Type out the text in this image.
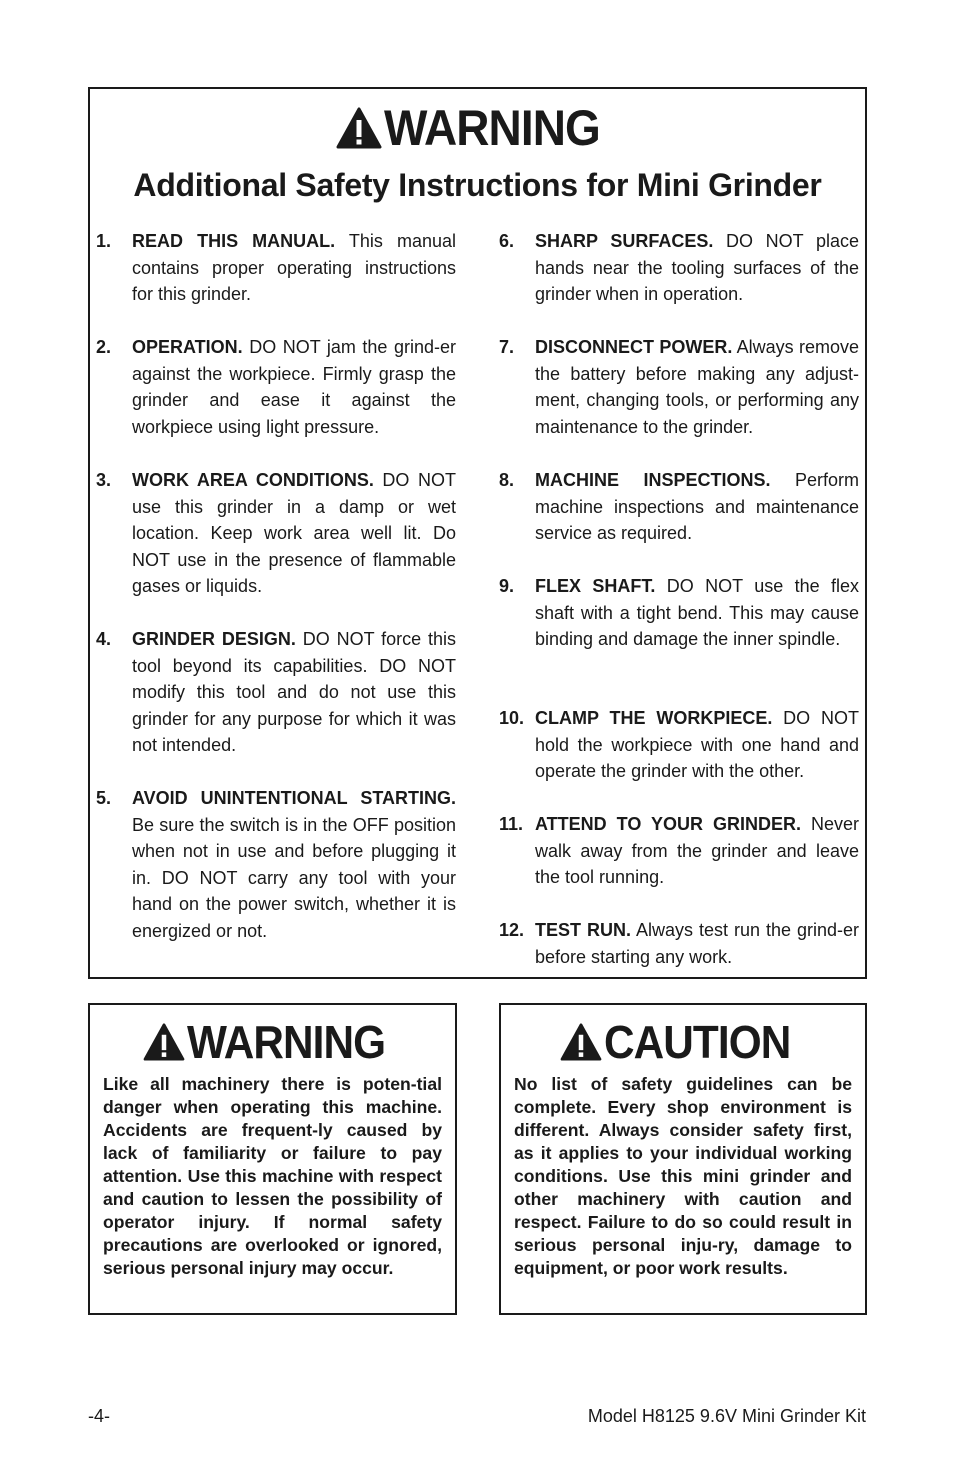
WARNING
Additional Safety Instructions for Mini Grinder
1. READ THIS MANUAL. This manual contains proper operating instructions for this grinder.
2. OPERATION. DO NOT jam the grind-er against the workpiece. Firmly grasp the grinder and ease it against the workpiece using light pressure.
3. WORK AREA CONDITIONS. DO NOT use this grinder in a damp or wet location. Keep work area well lit. Do NOT use in the presence of flammable gases or liquids.
4. GRINDER DESIGN. DO NOT force this tool beyond its capabilities. DO NOT modify this tool and do not use this grinder for any purpose for which it was not intended.
5. AVOID UNINTENTIONAL STARTING. Be sure the switch is in the OFF position when not in use and before plugging it in. DO NOT carry any tool with your hand on the power switch, whether it is energized or not.
6. SHARP SURFACES. DO NOT place hands near the tooling surfaces of the grinder when in operation.
7. DISCONNECT POWER. Always remove the battery before making any adjust-ment, changing tools, or performing any maintenance to the grinder.
8. MACHINE INSPECTIONS. Perform machine inspections and maintenance service as required.
9. FLEX SHAFT. DO NOT use the flex shaft with a tight bend. This may cause binding and damage the inner spindle.
10. CLAMP THE WORKPIECE. DO NOT hold the workpiece with one hand and operate the grinder with the other.
11. ATTEND TO YOUR GRINDER. Never walk away from the grinder and leave the tool running.
12. TEST RUN. Always test run the grind-er before starting any work.
WARNING
Like all machinery there is poten-tial danger when operating this machine. Accidents are frequent-ly caused by lack of familiarity or failure to pay attention. Use this machine with respect and caution to lessen the possibility of operator injury. If normal safety precautions are overlooked or ignored, serious personal injury may occur.
CAUTION
No list of safety guidelines can be complete. Every shop environment is different. Always consider safety first, as it applies to your individual working conditions. Use this mini grinder and other machinery with caution and respect. Failure to do so could result in serious personal inju-ry, damage to equipment, or poor work results.
-4-	Model H8125 9.6V Mini Grinder Kit
